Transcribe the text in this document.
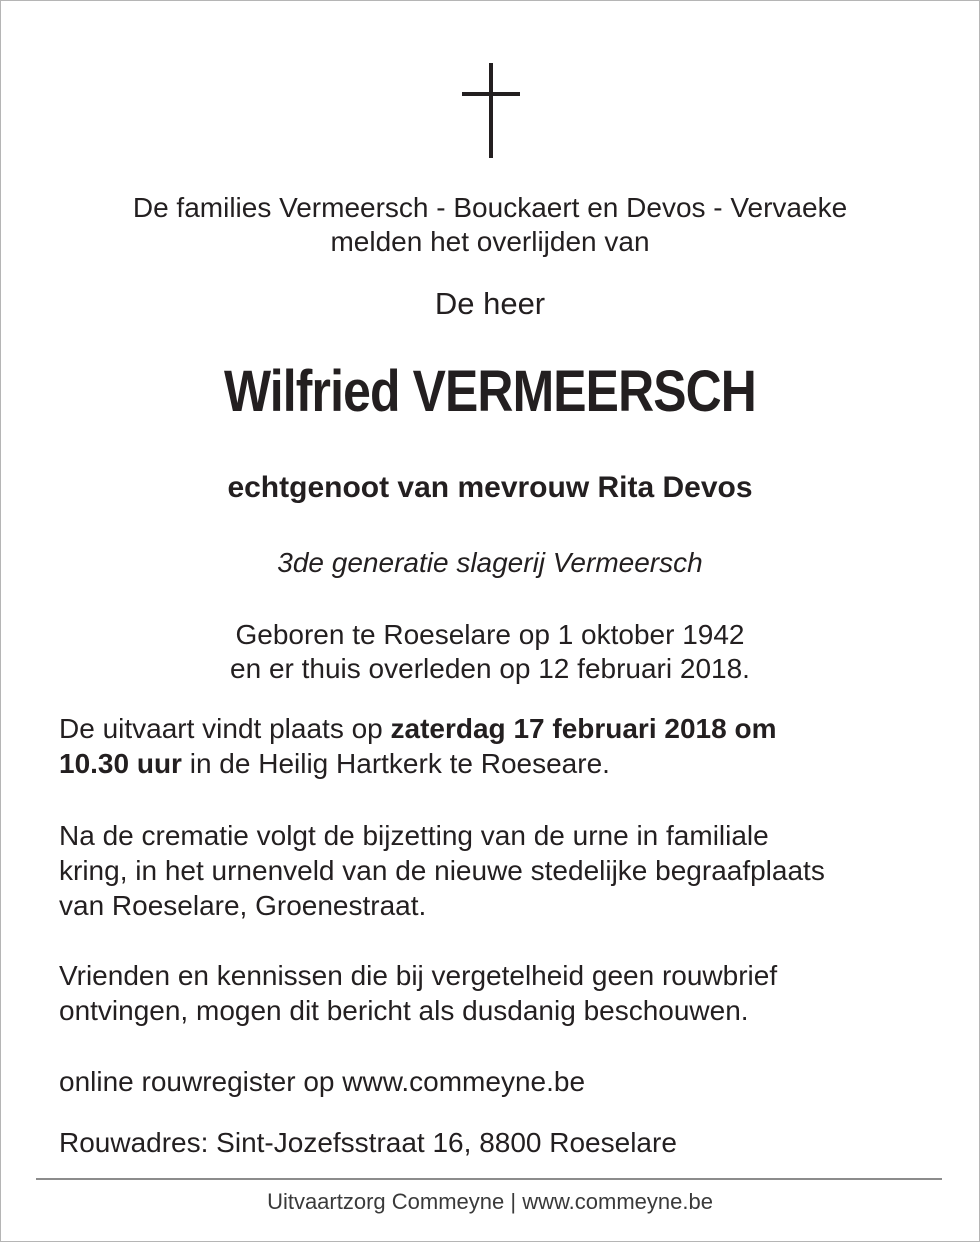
De families Vermeersch - Bouckaert en Devos - Vervaeke
melden het overlijden van
De heer
Wilfried VERMEERSCH
echtgenoot van mevrouw Rita Devos
3de generatie slagerij Vermeersch
Geboren te Roeselare op 1 oktober 1942
en er thuis overleden op 12 februari 2018.
De uitvaart vindt plaats op zaterdag 17 februari 2018 om
10.30 uur in de Heilig Hartkerk te Roeseare.
Na de crematie volgt de bijzetting van de urne in familiale
kring, in het urnenveld van de nieuwe stedelijke begraafplaats
van Roeselare, Groenestraat.
Vrienden en kennissen die bij vergetelheid geen rouwbrief
ontvingen, mogen dit bericht als dusdanig beschouwen.
online rouwregister op www.commeyne.be
Rouwadres: Sint-Jozefsstraat 16, 8800 Roeselare
Uitvaartzorg Commeyne | www.commeyne.be
